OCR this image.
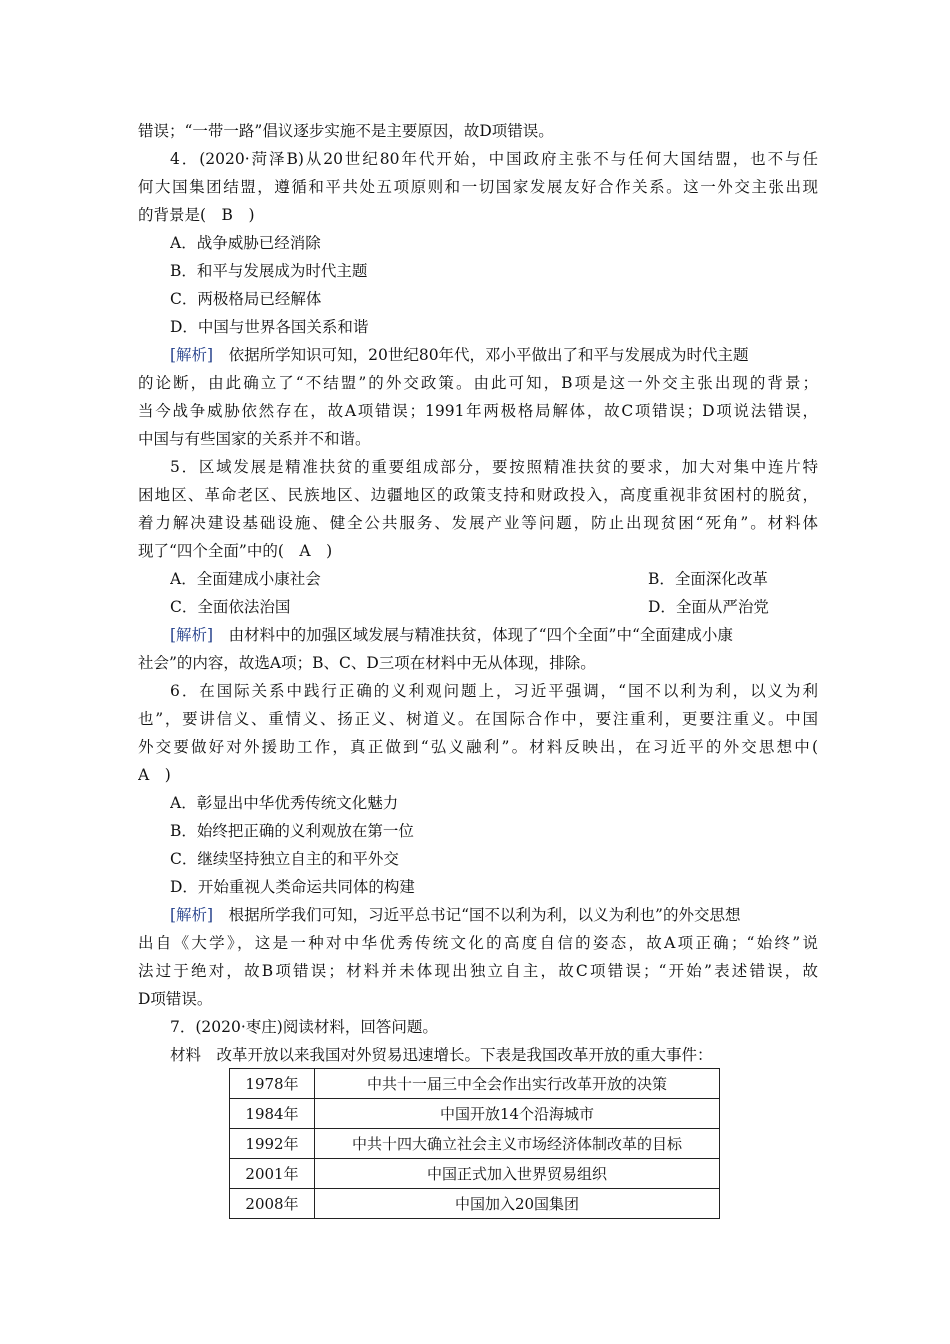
错误；“一带一路”倡议逐步实施不是主要原因，故D项错误。
4．(2020·菏泽B)从20世纪80年代开始，中国政府主张不与任何大国结盟，也不与任
何大国集团结盟，遵循和平共处五项原则和一切国家发展友好合作关系。这一外交主张出现
的背景是(　B　)
A．战争威胁已经消除
B．和平与发展成为时代主题
C．两极格局已经解体
D．中国与世界各国关系和谐
[解析]　依据所学知识可知，20世纪80年代，邓小平做出了和平与发展成为时代主题
的论断，由此确立了“不结盟”的外交政策。由此可知，B项是这一外交主张出现的背景；
当今战争威胁依然存在，故A项错误；1991年两极格局解体，故C项错误；D项说法错误，
中国与有些国家的关系并不和谐。
5．区域发展是精准扶贫的重要组成部分，要按照精准扶贫的要求，加大对集中连片特
困地区、革命老区、民族地区、边疆地区的政策支持和财政投入，高度重视非贫困村的脱贫，
着力解决建设基础设施、健全公共服务、发展产业等问题，防止出现贫困“死角”。材料体
现了“四个全面”中的(　A　)
A．全面建成小康社会	B．全面深化改革
C．全面依法治国	D．全面从严治党
[解析]　由材料中的加强区域发展与精准扶贫，体现了“四个全面”中“全面建成小康
社会”的内容，故选A项；B、C、D三项在材料中无从体现，排除。
6．在国际关系中践行正确的义利观问题上，习近平强调，“国不以利为利，以义为利
也”，要讲信义、重情义、扬正义、树道义。在国际合作中，要注重利，更要注重义。中国
外交要做好对外援助工作，真正做到“弘义融利”。材料反映出，在习近平的外交思想中(
A　)
A．彰显出中华优秀传统文化魅力
B．始终把正确的义利观放在第一位
C．继续坚持独立自主的和平外交
D．开始重视人类命运共同体的构建
[解析]　根据所学我们可知，习近平总书记“国不以利为利，以义为利也”的外交思想
出自《大学》，这是一种对中华优秀传统文化的高度自信的姿态，故A项正确；“始终”说
法过于绝对，故B项错误；材料并未体现出独立自主，故C项错误；“开始”表述错误，故
D项错误。
7．(2020·枣庄)阅读材料，回答问题。
材料　改革开放以来我国对外贸易迅速增长。下表是我国改革开放的重大事件：
1978年	中共十一届三中全会作出实行改革开放的决策
1984年	中国开放14个沿海城市
1992年	中共十四大确立社会主义市场经济体制改革的目标
2001年	中国正式加入世界贸易组织
2008年	中国加入20国集团
